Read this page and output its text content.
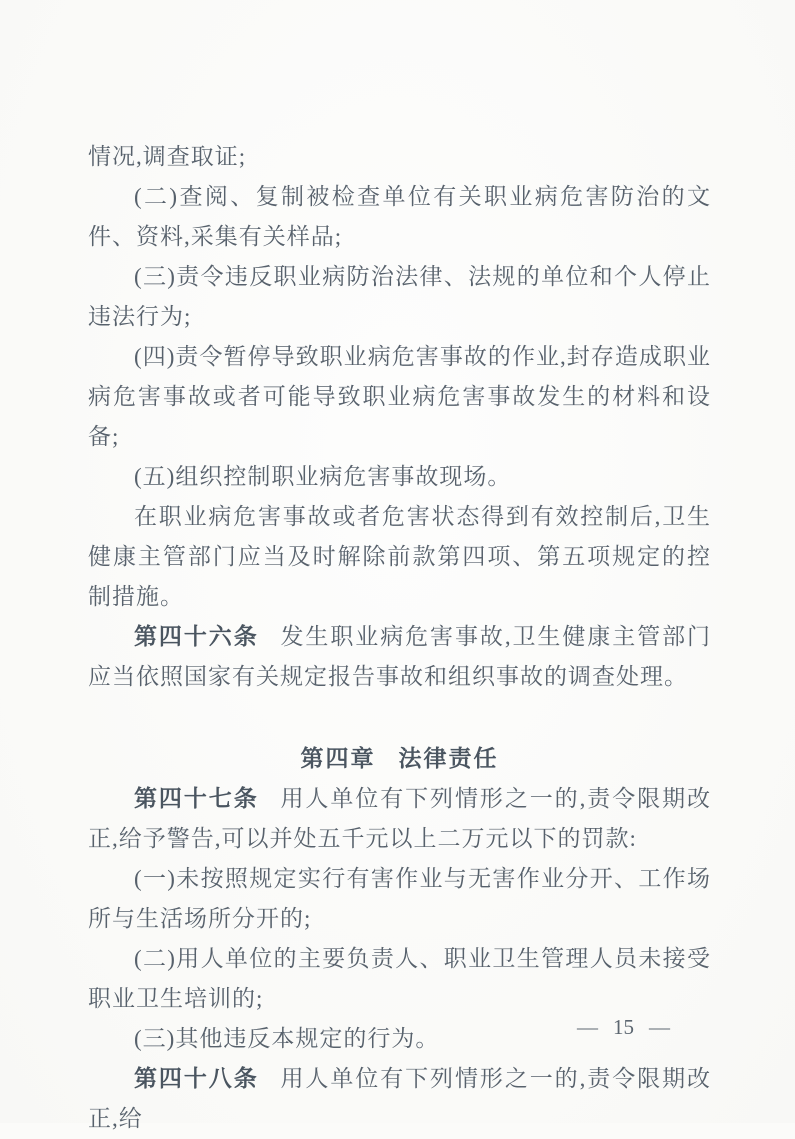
情况,调查取证;

(二)查阅、复制被检查单位有关职业病危害防治的文件、资料,采集有关样品;

(三)责令违反职业病防治法律、法规的单位和个人停止违法行为;

(四)责令暂停导致职业病危害事故的作业,封存造成职业病危害事故或者可能导致职业病危害事故发生的材料和设备;

(五)组织控制职业病危害事故现场。

在职业病危害事故或者危害状态得到有效控制后,卫生健康主管部门应当及时解除前款第四项、第五项规定的控制措施。

第四十六条 发生职业病危害事故,卫生健康主管部门应当依照国家有关规定报告事故和组织事故的调查处理。

第四章 法律责任

第四十七条 用人单位有下列情形之一的,责令限期改正,给予警告,可以并处五千元以上二万元以下的罚款:

(一)未按照规定实行有害作业与无害作业分开、工作场所与生活场所分开的;

(二)用人单位的主要负责人、职业卫生管理人员未接受职业卫生培训的;

(三)其他违反本规定的行为。

第四十八条 用人单位有下列情形之一的,责令限期改正,给

— 15 —
